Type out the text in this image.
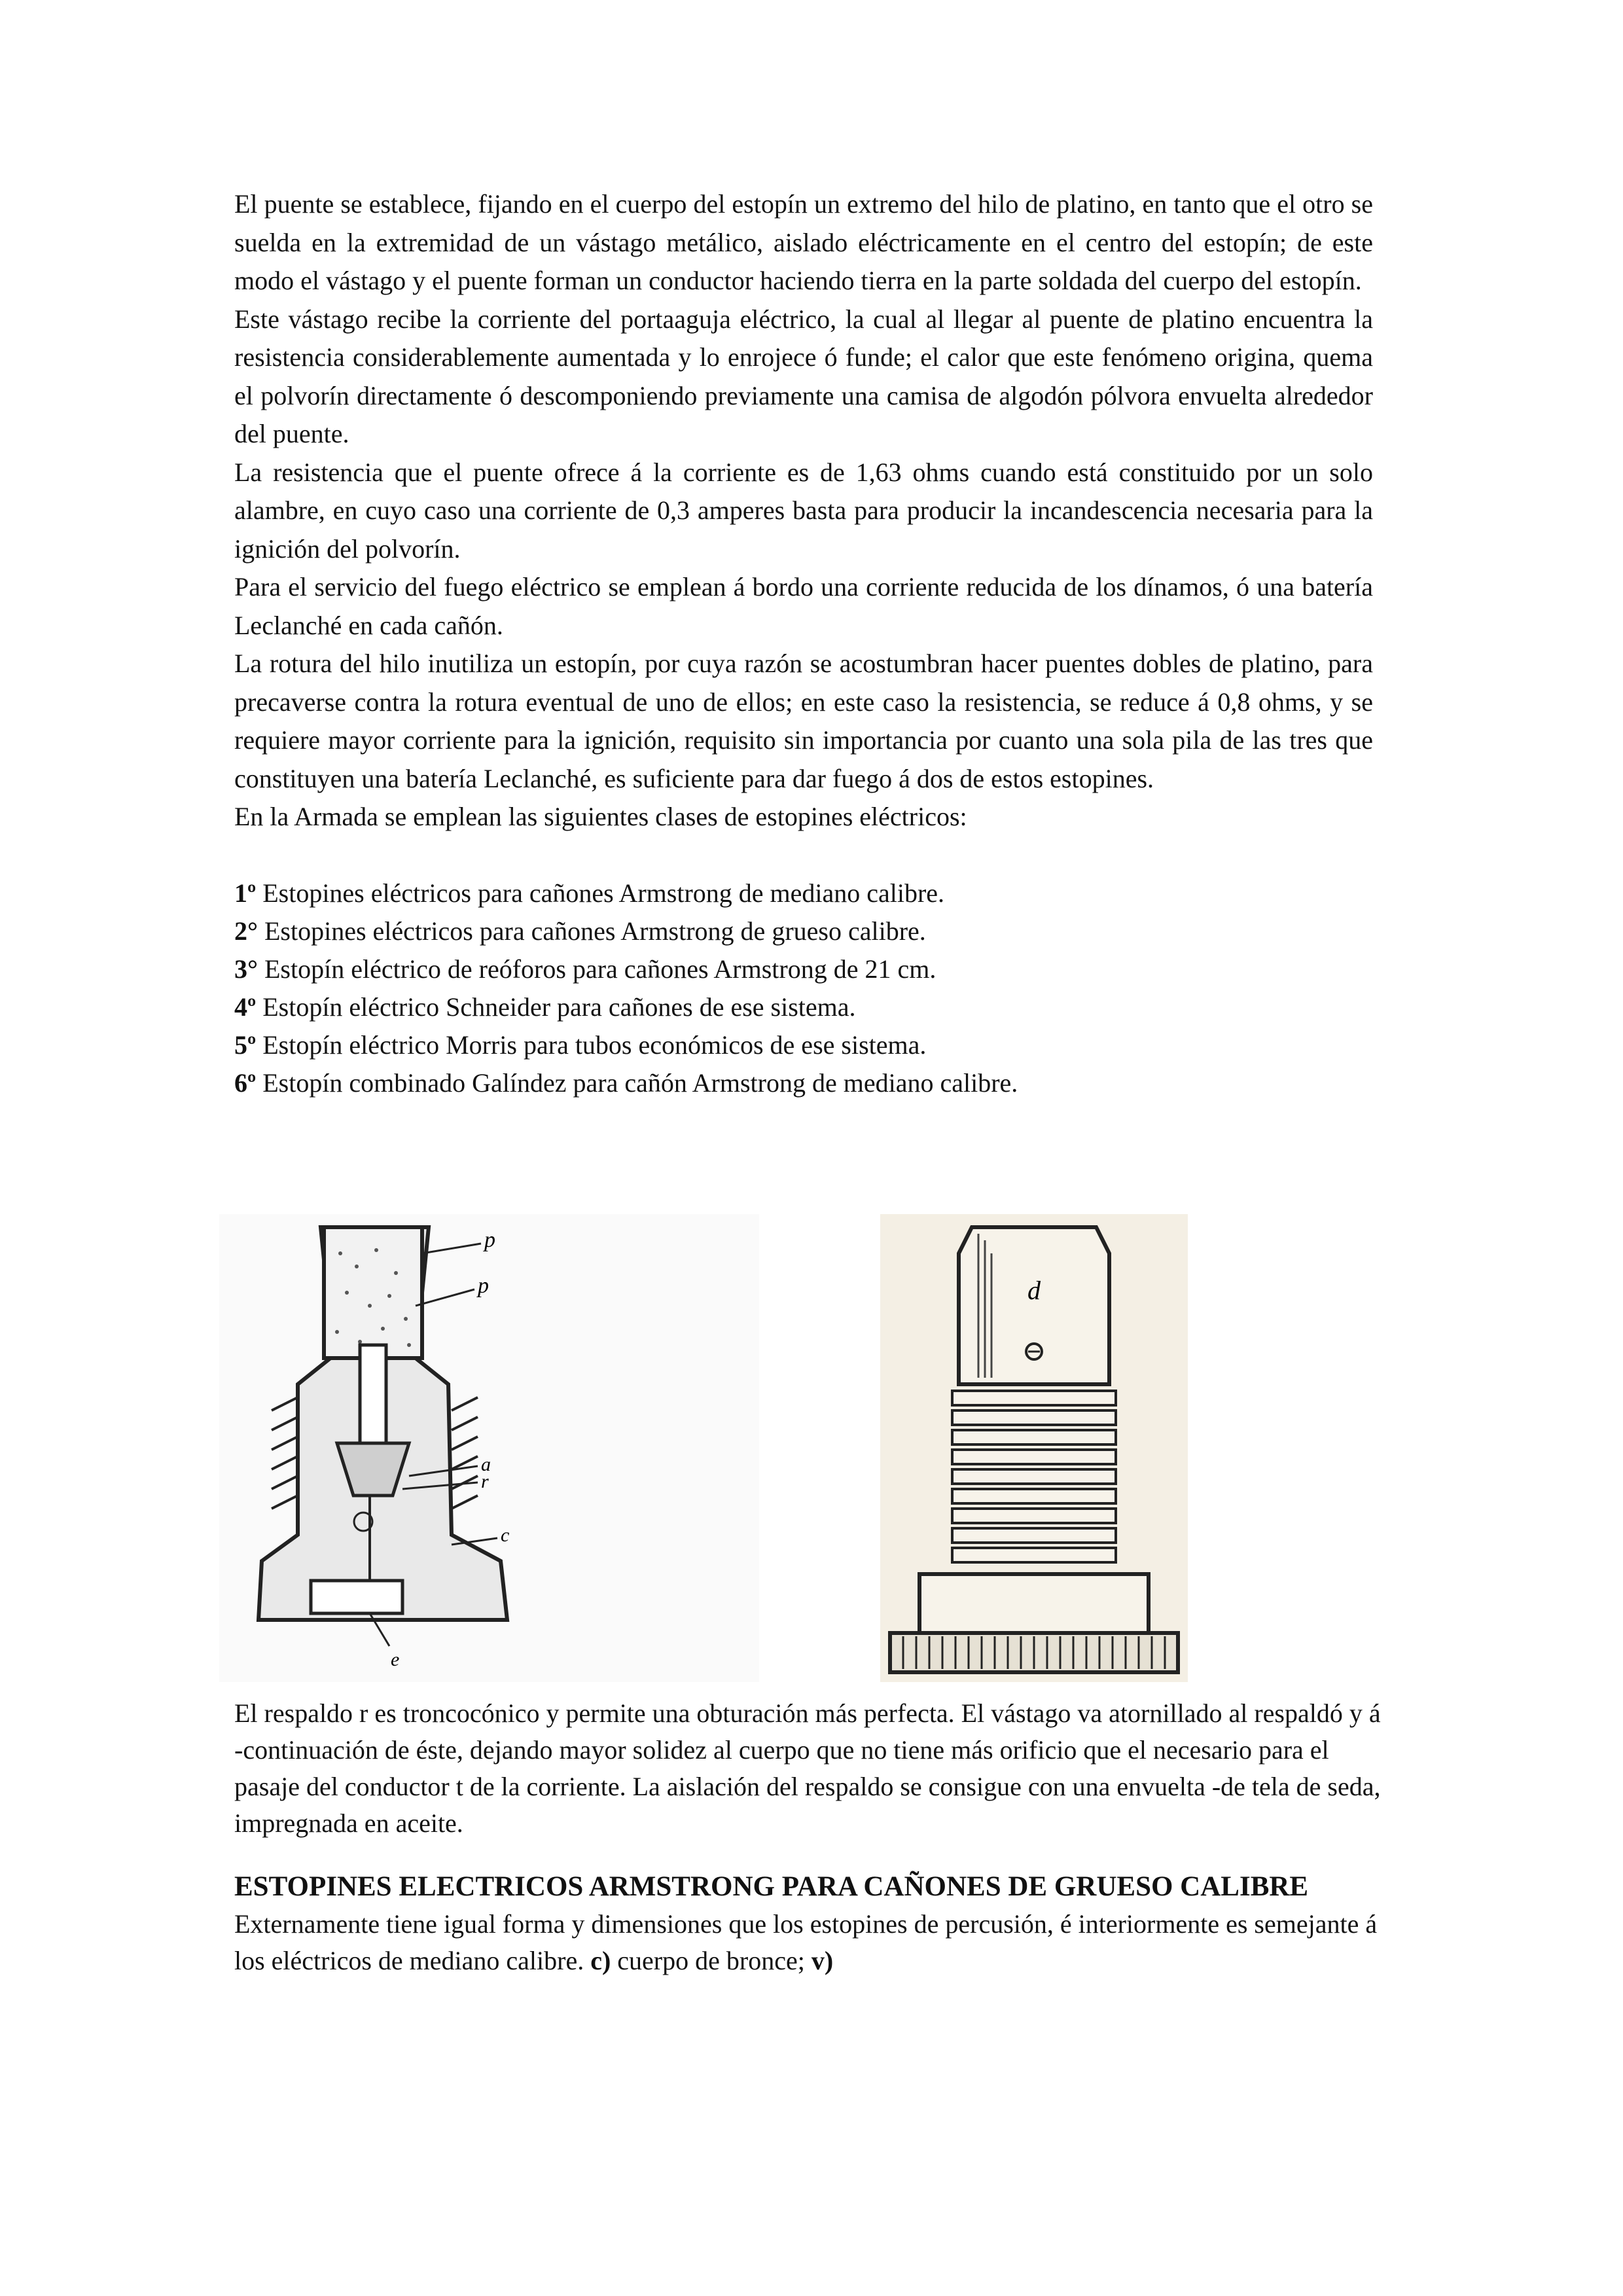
El puente se establece, fijando en el cuerpo del estopín un extremo del hilo de platino, en tanto que el otro se suelda en la extremidad de un vástago metálico, aislado eléctricamente en el centro del estopín; de este modo el vástago y el puente forman un conductor haciendo tierra en la parte soldada del cuerpo del estopín.

Este vástago recibe la corriente del portaaguja eléctrico, la cual al llegar al puente de platino encuentra la resistencia considerablemente aumentada y lo enrojece ó funde; el calor que este fenómeno origina, quema el polvorín directamente ó descomponiendo previamente una camisa de algodón pólvora envuelta alrededor del puente.

La resistencia que el puente ofrece á la corriente es de 1,63 ohms cuando está constituido por un solo alambre, en cuyo caso una corriente de 0,3 amperes basta para producir la incandescencia necesaria para la ignición del polvorín.

Para el servicio del fuego eléctrico se emplean á bordo una corriente reducida de los dínamos, ó una batería Leclanché en cada cañón.

La rotura del hilo inutiliza un estopín, por cuya razón se acostumbran hacer puentes dobles de platino, para precaverse contra la rotura eventual de uno de ellos; en este caso la resistencia, se reduce á 0,8 ohms, y se requiere mayor corriente para la ignición, requisito sin importancia por cuanto una sola pila de las tres que constituyen una batería Leclanché, es suficiente para dar fuego á dos de estos estopines.

En la Armada se emplean las siguientes clases de estopines eléctricos:

1º Estopines eléctricos para cañones Armstrong de mediano calibre.
2° Estopines eléctricos para cañones Armstrong de grueso calibre.
3° Estopín eléctrico de reóforos para cañones Armstrong de 21 cm.
4º Estopín eléctrico Schneider para cañones de ese sistema.
5º Estopín eléctrico Morris para tubos económicos de ese sistema.
6º Estopín combinado Galíndez para cañón Armstrong de mediano calibre.
p
p
a
r
c
e
d

El respaldo r es troncocónico y permite una obturación más perfecta. El vástago va atornillado al respaldó y á -continuación de éste, dejando mayor solidez al cuerpo que no tiene más orificio que el necesario para el pasaje del conductor t de la corriente. La aislación del respaldo se consigue con una envuelta -de tela de seda, impregnada en aceite.

ESTOPINES ELECTRICOS ARMSTRONG PARA CAÑONES DE GRUESO CALIBRE

Externamente tiene igual forma y dimensiones que los estopines de percusión, é interiormente es semejante á los eléctricos de mediano calibre. c) cuerpo de bronce; v)
